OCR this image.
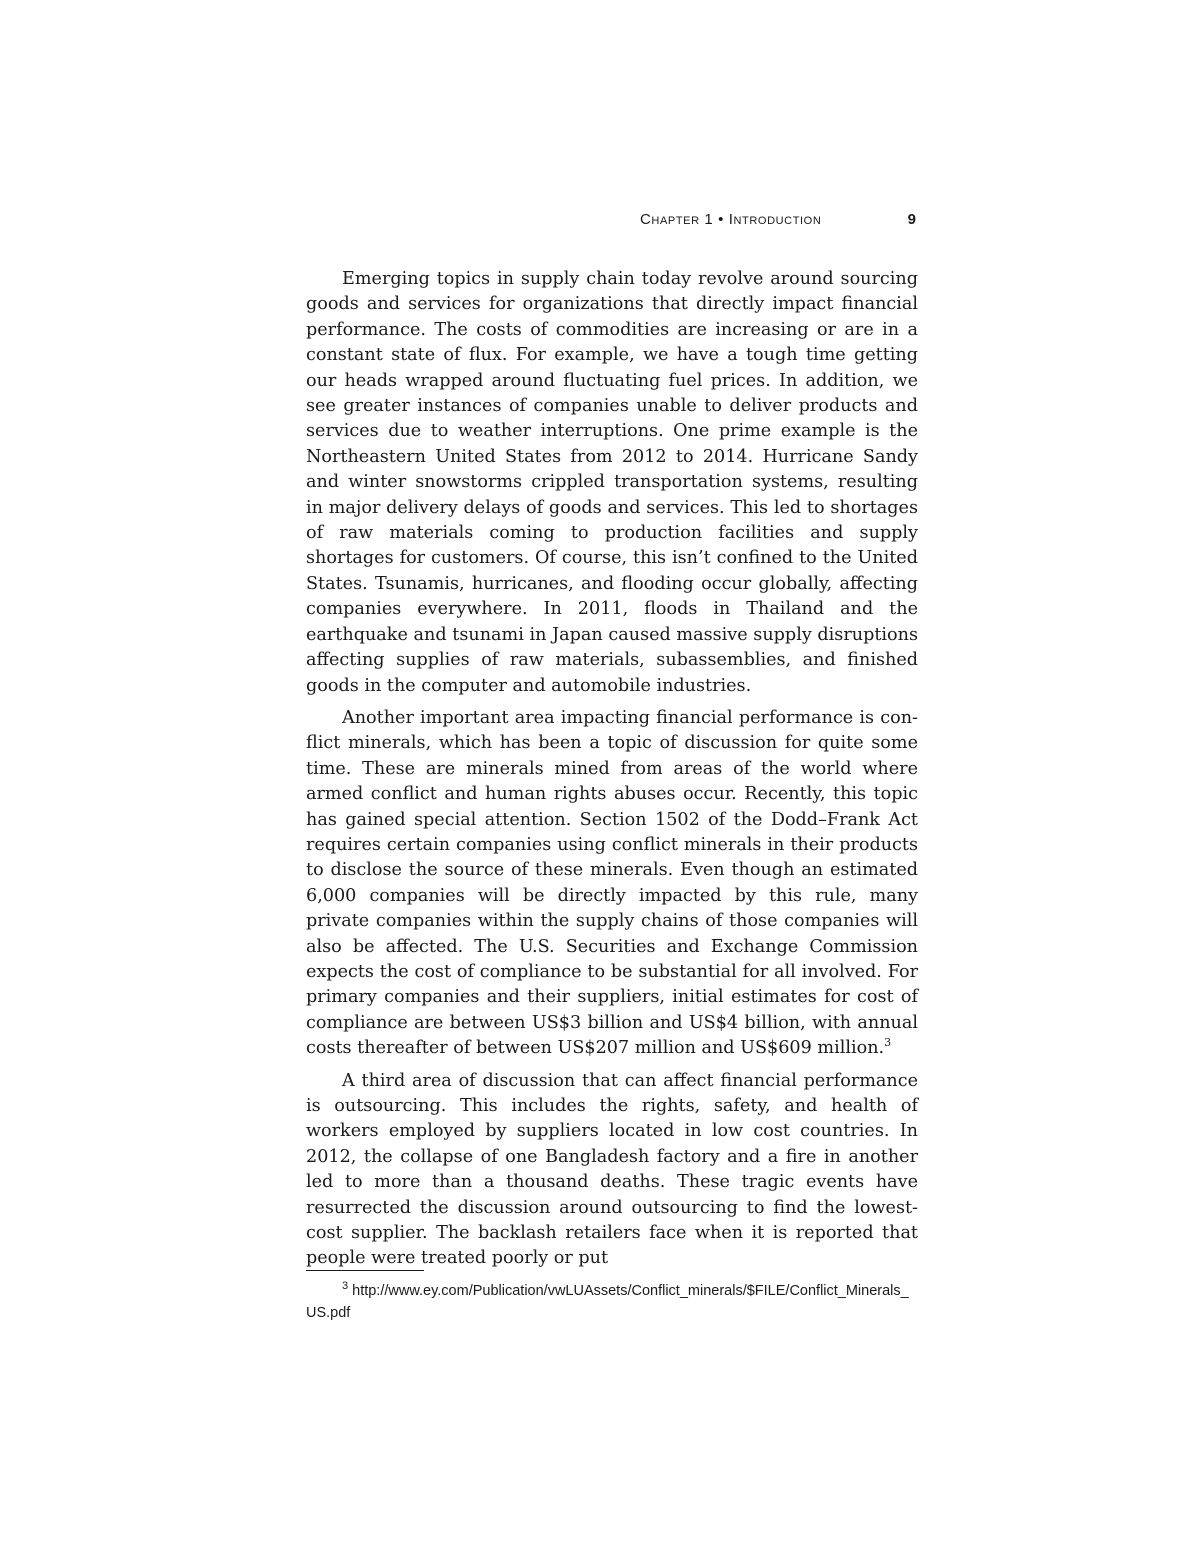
Chapter 1 • Introduction	9

Emerging topics in supply chain today revolve around sourcing goods and services for organizations that directly impact financial performance. The costs of commodities are increasing or are in a constant state of flux. For example, we have a tough time getting our heads wrapped around fluctuating fuel prices. In addition, we see greater instances of companies unable to deliver products and services due to weather interruptions. One prime example is the Northeastern United States from 2012 to 2014. Hurricane Sandy and winter snowstorms crippled transportation systems, resulting in major delivery delays of goods and services. This led to shortages of raw materials coming to production facilities and supply shortages for customers. Of course, this isn’t confined to the United States. Tsunamis, hurricanes, and flooding occur globally, affecting companies everywhere. In 2011, floods in Thailand and the earthquake and tsunami in Japan caused massive supply disruptions affecting supplies of raw materials, subassemblies, and finished goods in the computer and automobile industries.

Another important area impacting financial performance is conflict minerals, which has been a topic of discussion for quite some time. These are minerals mined from areas of the world where armed conflict and human rights abuses occur. Recently, this topic has gained special attention. Section 1502 of the Dodd–Frank Act requires certain companies using conflict minerals in their products to disclose the source of these minerals. Even though an estimated 6,000 companies will be directly impacted by this rule, many private companies within the supply chains of those companies will also be affected. The U.S. Securities and Exchange Commission expects the cost of compliance to be substantial for all involved. For primary companies and their suppliers, initial estimates for cost of compliance are between US$3 billion and US$4 billion, with annual costs thereafter of between US$207 million and US$609 million.$^3$

A third area of discussion that can affect financial performance is outsourcing. This includes the rights, safety, and health of workers employed by suppliers located in low cost countries. In 2012, the collapse of one Bangladesh factory and a fire in another led to more than a thousand deaths. These tragic events have resurrected the discussion around outsourcing to find the lowest-cost supplier. The backlash retailers face when it is reported that people were treated poorly or put

3 http://www.ey.com/Publication/vwLUAssets/Conflict_minerals/$FILE/Conflict_Minerals_US.pdf
